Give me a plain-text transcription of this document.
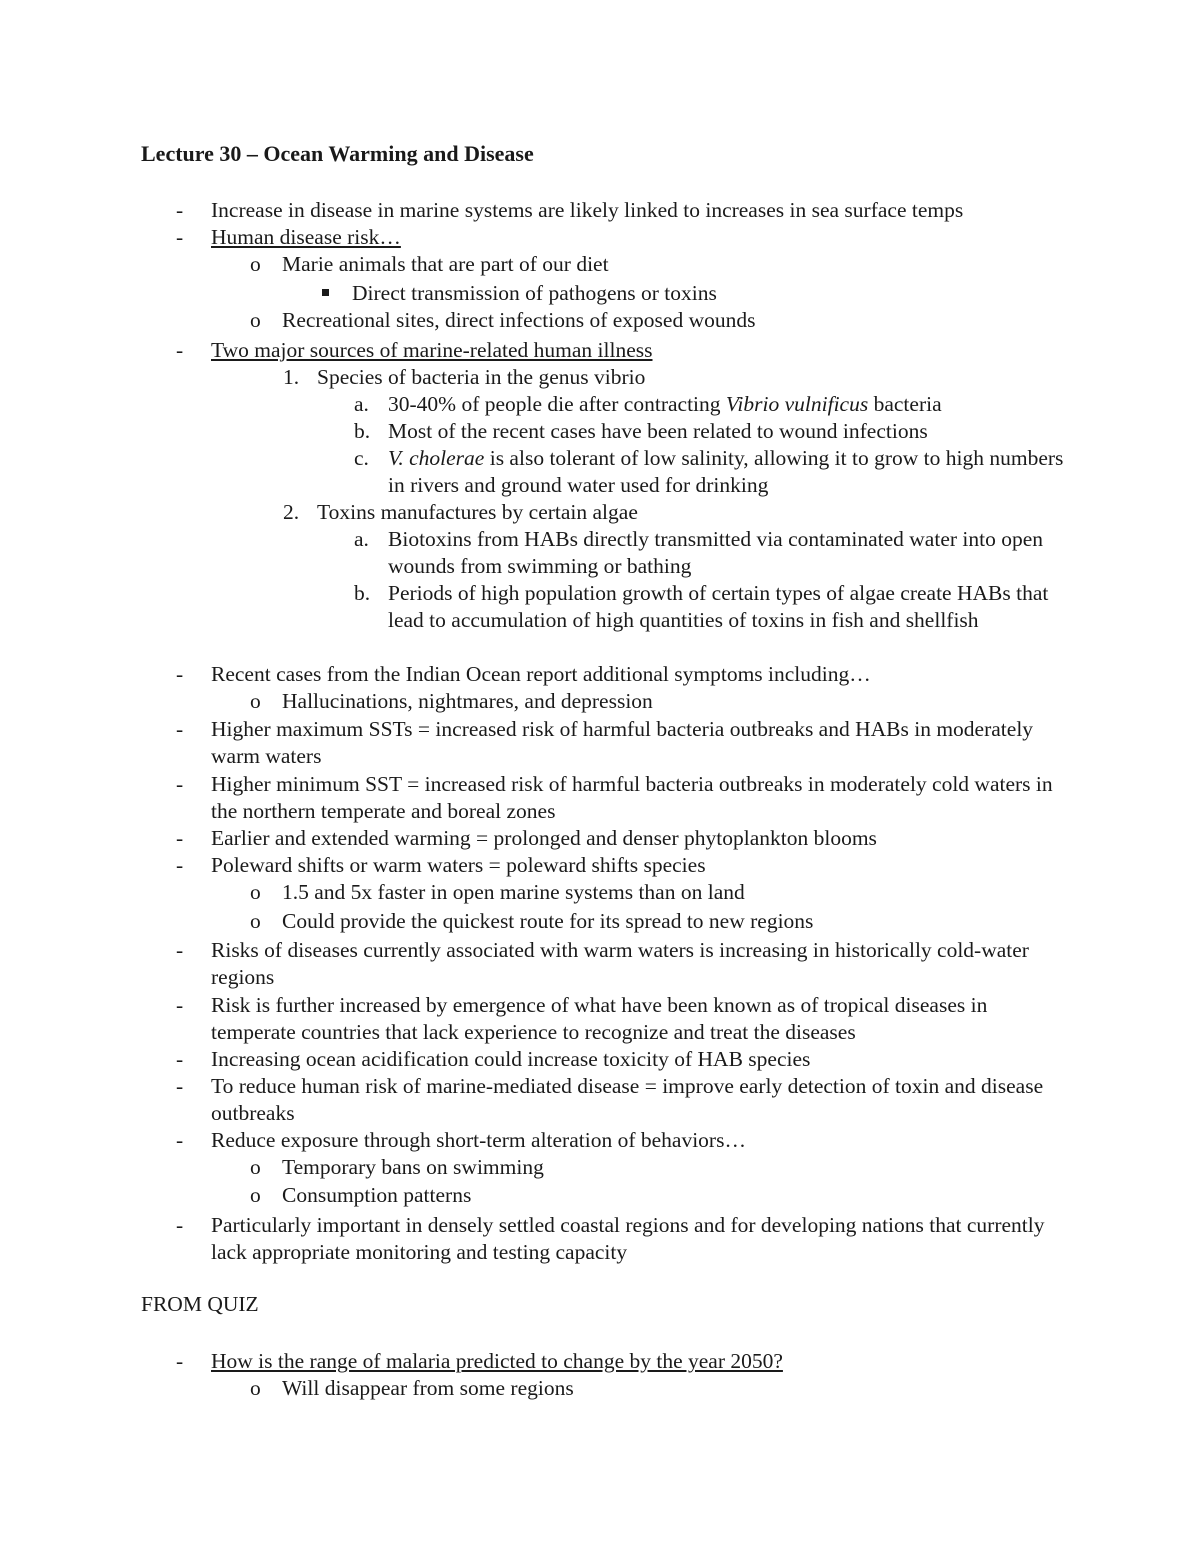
Lecture 30 – Ocean Warming and Disease
-
-
-
-
-
-
-
-
-
-
-
-
-
-
-
o
o
o
o
o
o
o
o
1.
2.
a.
b.
c.
a.
b.
Increase in disease in marine systems are likely linked to increases in sea surface temps
Human disease risk…
Marie animals that are part of our diet
Direct transmission of pathogens or toxins
Recreational sites, direct infections of exposed wounds
Two major sources of marine-related human illness
Species of bacteria in the genus vibrio
30-40% of people die after contracting Vibrio vulnificus bacteria
Most of the recent cases have been related to wound infections
V. cholerae is also tolerant of low salinity, allowing it to grow to high numbers in rivers and ground water used for drinking
Toxins manufactures by certain algae
Biotoxins from HABs directly transmitted via contaminated water into open wounds from swimming or bathing
Periods of high population growth of certain types of algae create HABs that lead to accumulation of high quantities of toxins in fish and shellfish
Recent cases from the Indian Ocean report additional symptoms including…
Hallucinations, nightmares, and depression
Higher maximum SSTs = increased risk of harmful bacteria outbreaks and HABs in moderately warm waters
Higher minimum SST = increased risk of harmful bacteria outbreaks in moderately cold waters in the northern temperate and boreal zones
Earlier and extended warming = prolonged and denser phytoplankton blooms
Poleward shifts or warm waters = poleward shifts species
1.5 and 5x faster in open marine systems than on land
Could provide the quickest route for its spread to new regions
Risks of diseases currently associated with warm waters is increasing in historically cold-water regions
Risk is further increased by emergence of what have been known as of tropical diseases in temperate countries that lack experience to recognize and treat the diseases
Increasing ocean acidification could increase toxicity of HAB species
To reduce human risk of marine-mediated disease = improve early detection of toxin and disease outbreaks
Reduce exposure through short-term alteration of behaviors…
Temporary bans on swimming
Consumption patterns
Particularly important in densely settled coastal regions and for developing nations that currently lack appropriate monitoring and testing capacity
FROM QUIZ
How is the range of malaria predicted to change by the year 2050?
Will disappear from some regions
